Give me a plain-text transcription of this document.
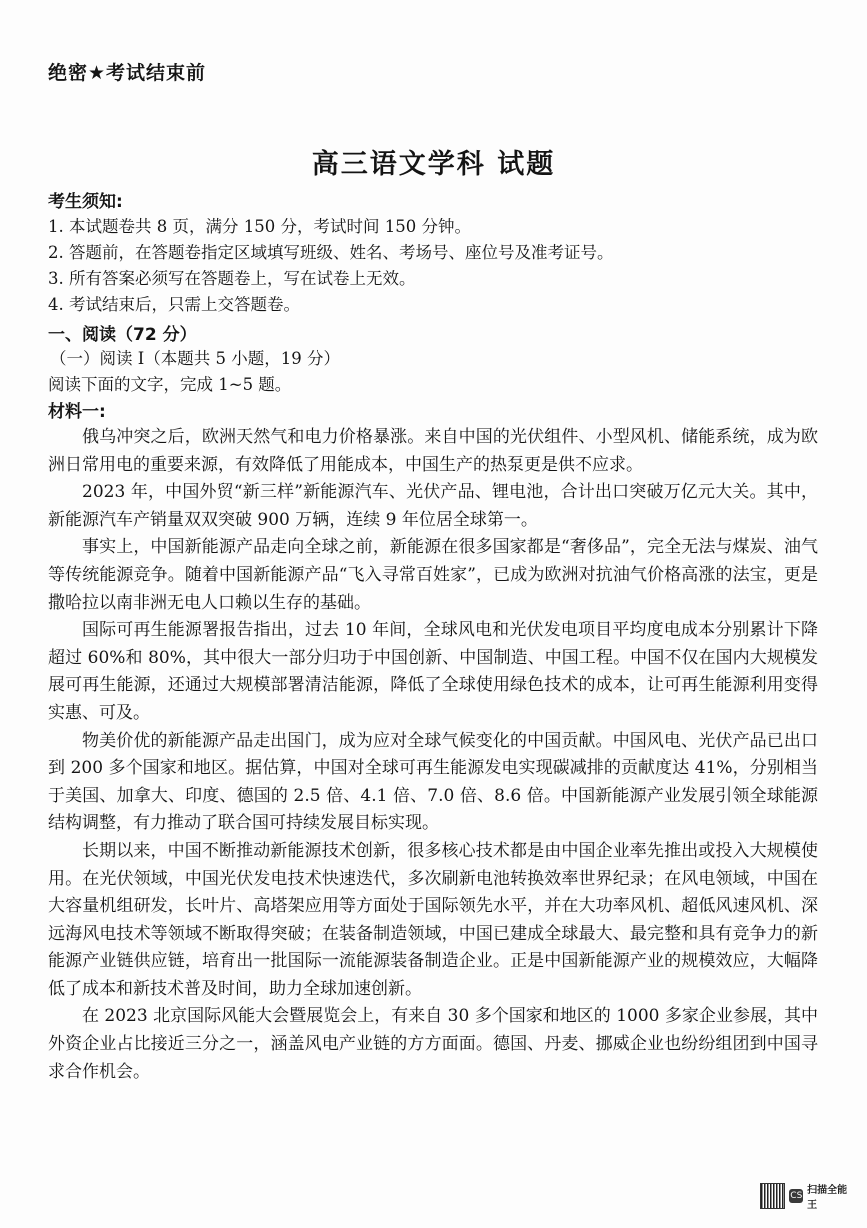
绝密★考试结束前
高三语文学科 试题
考生须知:
1. 本试题卷共 8 页，满分 150 分，考试时间 150 分钟。
2. 答题前，在答题卷指定区域填写班级、姓名、考场号、座位号及准考证号。
3. 所有答案必须写在答题卷上，写在试卷上无效。
4. 考试结束后，只需上交答题卷。
一、阅读（72 分）
（一）阅读 I（本题共 5 小题，19 分）
阅读下面的文字，完成 1~5 题。
材料一:

俄乌冲突之后，欧洲天然气和电力价格暴涨。来自中国的光伏组件、小型风机、储能系统，成为欧洲日常用电的重要来源，有效降低了用能成本，中国生产的热泵更是供不应求。

2023 年，中国外贸“新三样”新能源汽车、光伏产品、锂电池，合计出口突破万亿元大关。其中，新能源汽车产销量双双突破 900 万辆，连续 9 年位居全球第一。

事实上，中国新能源产品走向全球之前，新能源在很多国家都是“奢侈品”，完全无法与煤炭、油气等传统能源竞争。随着中国新能源产品“飞入寻常百姓家”，已成为欧洲对抗油气价格高涨的法宝，更是撒哈拉以南非洲无电人口赖以生存的基础。

国际可再生能源署报告指出，过去 10 年间，全球风电和光伏发电项目平均度电成本分别累计下降超过 60%和 80%，其中很大一部分归功于中国创新、中国制造、中国工程。中国不仅在国内大规模发展可再生能源，还通过大规模部署清洁能源，降低了全球使用绿色技术的成本，让可再生能源利用变得实惠、可及。

物美价优的新能源产品走出国门，成为应对全球气候变化的中国贡献。中国风电、光伏产品已出口到 200 多个国家和地区。据估算，中国对全球可再生能源发电实现碳减排的贡献度达 41%，分别相当于美国、加拿大、印度、德国的 2.5 倍、4.1 倍、7.0 倍、8.6 倍。中国新能源产业发展引领全球能源结构调整，有力推动了联合国可持续发展目标实现。

长期以来，中国不断推动新能源技术创新，很多核心技术都是由中国企业率先推出或投入大规模使用。在光伏领域，中国光伏发电技术快速迭代，多次刷新电池转换效率世界纪录；在风电领域，中国在大容量机组研发，长叶片、高塔架应用等方面处于国际领先水平，并在大功率风机、超低风速风机、深远海风电技术等领域不断取得突破；在装备制造领域，中国已建成全球最大、最完整和具有竞争力的新能源产业链供应链，培育出一批国际一流能源装备制造企业。正是中国新能源产业的规模效应，大幅降低了成本和新技术普及时间，助力全球加速创新。

在 2023 北京国际风能大会暨展览会上，有来自 30 多个国家和地区的 1000 多家企业参展，其中外资企业占比接近三分之一，涵盖风电产业链的方方面面。德国、丹麦、挪威企业也纷纷组团到中国寻求合作机会。

CS 扫描全能王
